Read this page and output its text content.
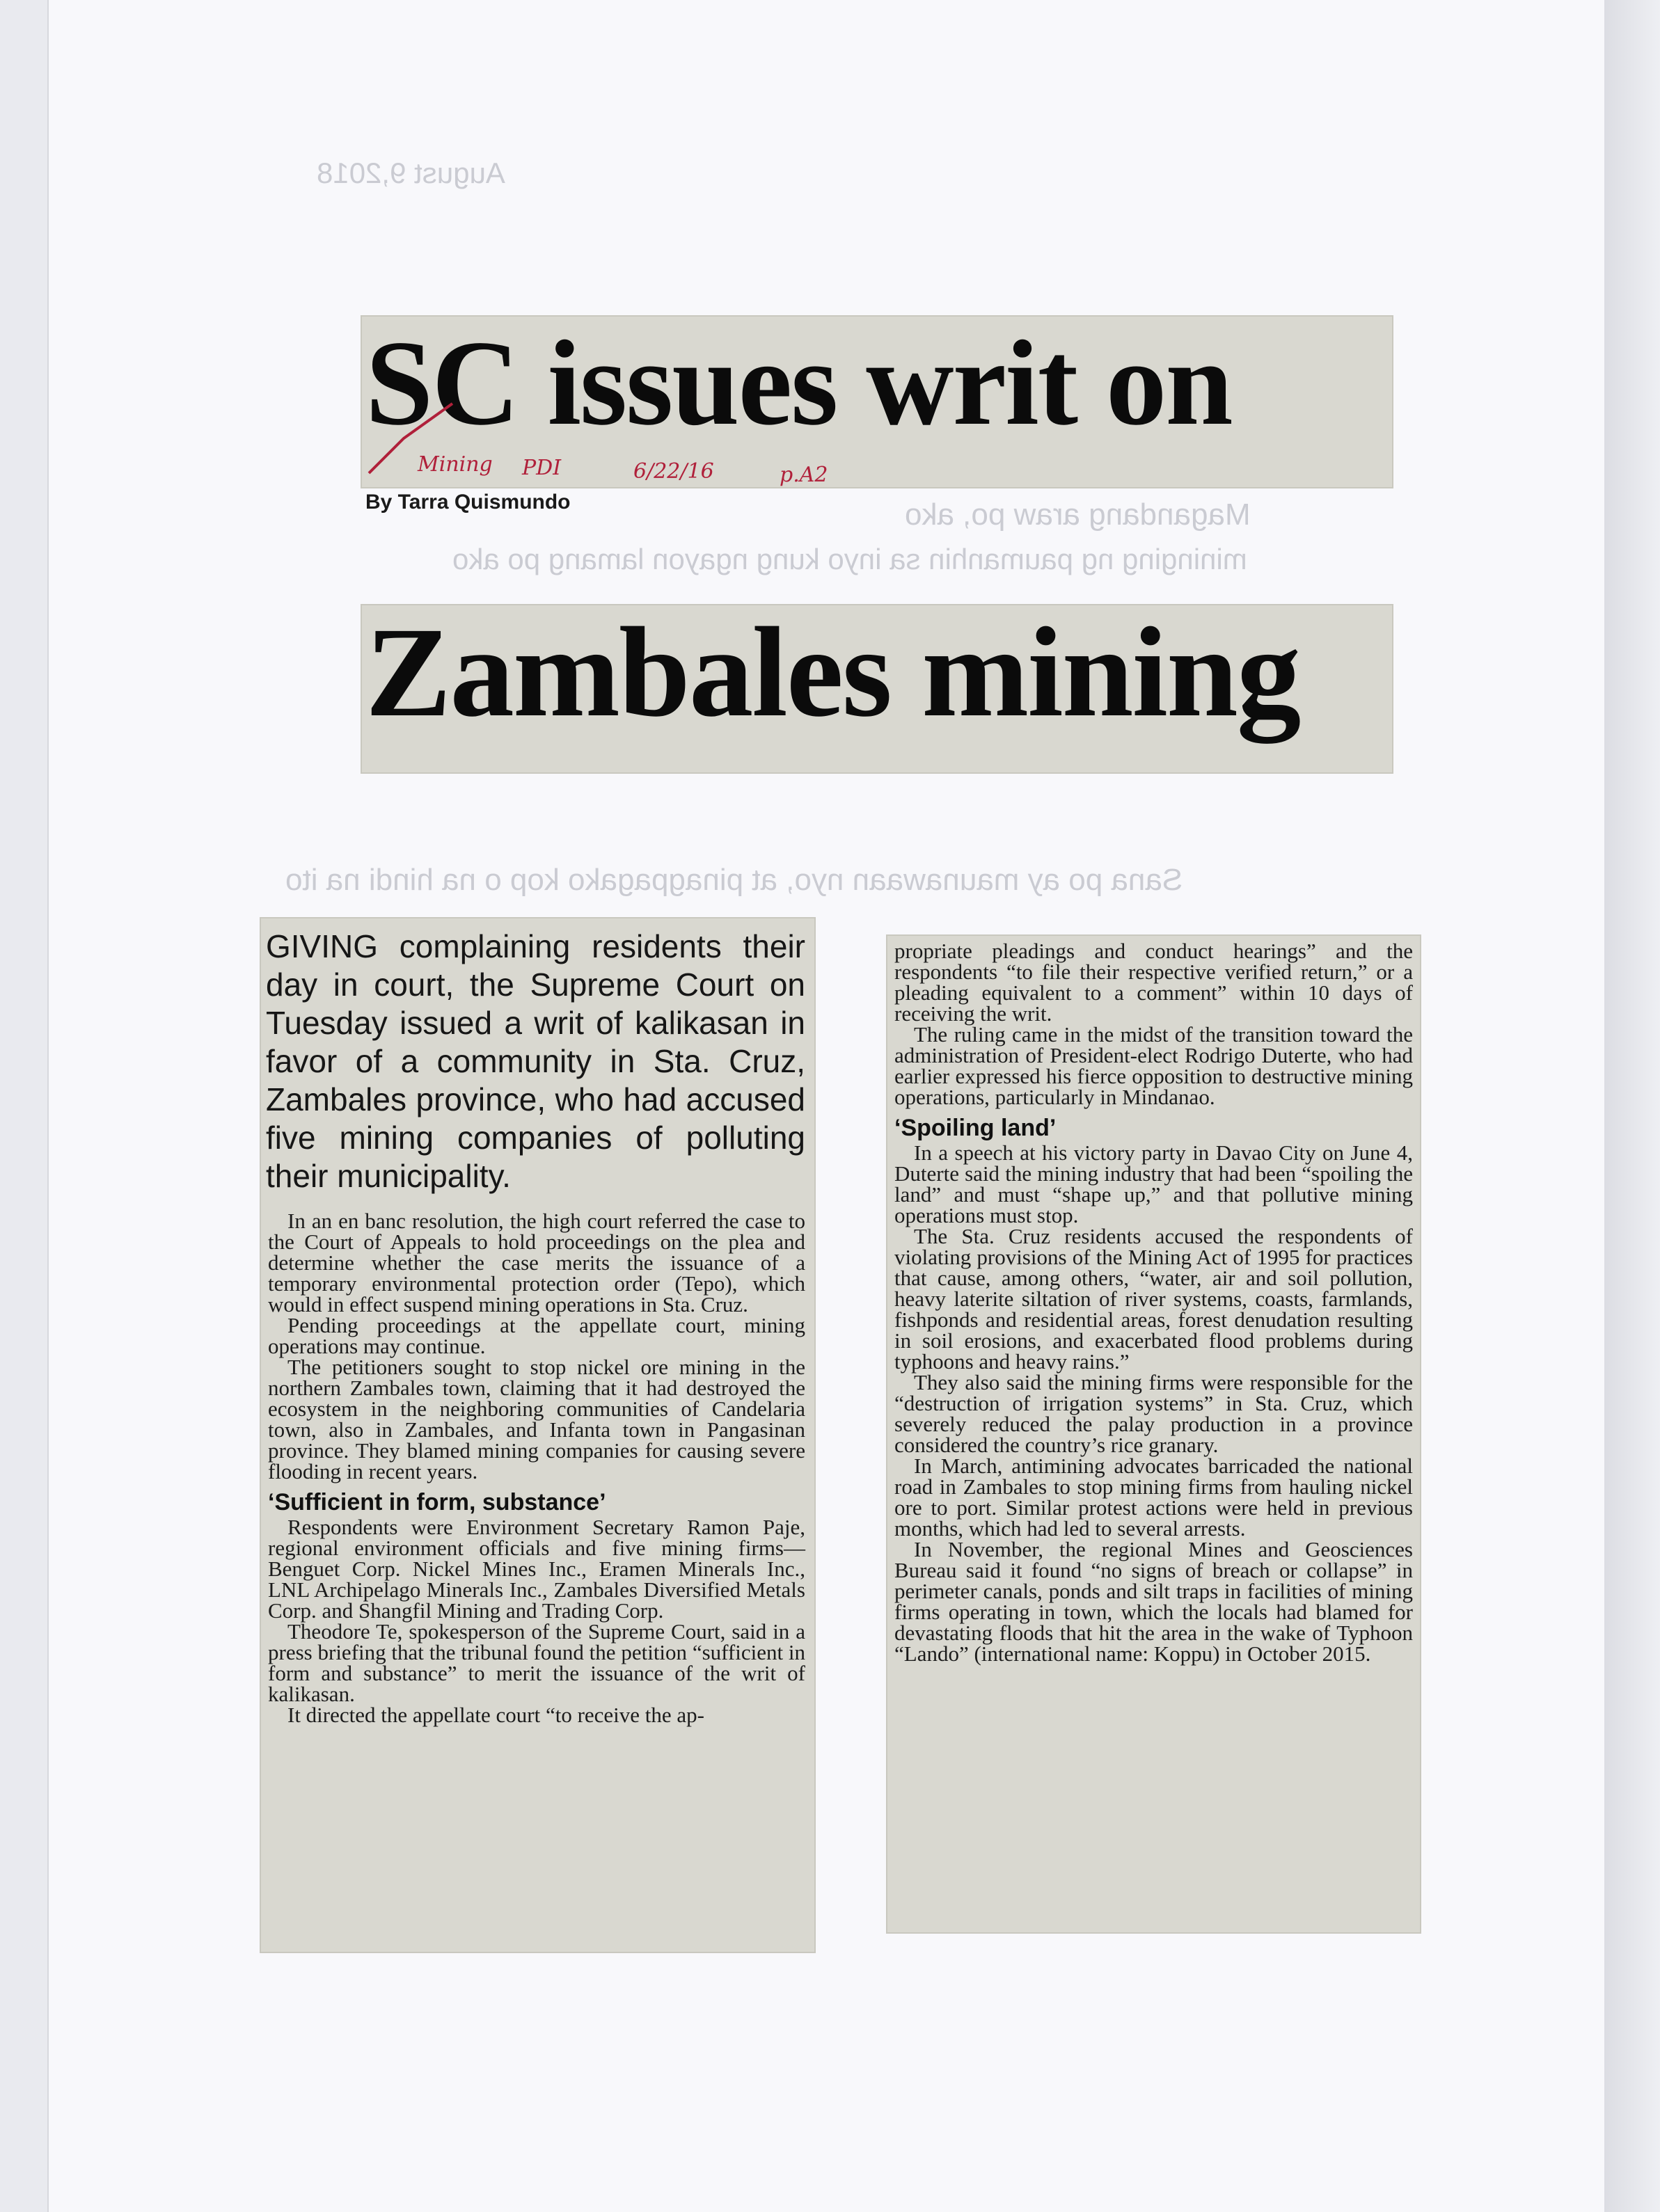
August 9,2018
Magandang araw po, ako
mininging ng paumanhin sa inyo kung ngayon lamang po ako
Sana po ay maunawaan nyo, at pinagpagako kop o na hindi na ito
SC issues writ on
By Tarra Quismundo
Mining PDI	6/22/16	p.A2
Zambales mining
GIVING complaining residents their day in court, the Supreme Court on Tuesday issued a writ of kalikasan in favor of a community in Sta. Cruz, Zambales province, who had accused five mining companies of polluting their municipality.

In an en banc resolution, the high court referred the case to the Court of Appeals to hold proceedings on the plea and determine whether the case merits the issuance of a temporary environmental protection order (Tepo), which would in effect suspend mining operations in Sta. Cruz.

Pending proceedings at the appellate court, mining operations may continue.

The petitioners sought to stop nickel ore mining in the northern Zambales town, claiming that it had destroyed the ecosystem in the neighboring communities of Candelaria town, also in Zambales, and Infanta town in Pangasinan province. They blamed mining companies for causing severe flooding in recent years.

‘Sufficient in form, substance’

Respondents were Environment Secretary Ramon Paje, regional environment officials and five mining firms—Benguet Corp. Nickel Mines Inc., Eramen Minerals Inc., LNL Archipelago Minerals Inc., Zambales Diversified Metals Corp. and Shangfil Mining and Trading Corp.

Theodore Te, spokesperson of the Supreme Court, said in a press briefing that the tribunal found the petition “sufficient in form and substance” to merit the issuance of the writ of kalikasan.

It directed the appellate court “to receive the ap-

propriate pleadings and conduct hearings” and the respondents “to file their respective verified return,” or a pleading equivalent to a comment” within 10 days of receiving the writ.

The ruling came in the midst of the transition toward the administration of President-elect Rodrigo Duterte, who had earlier expressed his fierce opposition to destructive mining operations, particularly in Mindanao.

‘Spoiling land’

In a speech at his victory party in Davao City on June 4, Duterte said the mining industry that had been “spoiling the land” and must “shape up,” and that pollutive mining operations must stop.

The Sta. Cruz residents accused the respondents of violating provisions of the Mining Act of 1995 for practices that cause, among others, “water, air and soil pollution, heavy laterite siltation of river systems, coasts, farmlands, fishponds and residential areas, forest denudation resulting in soil erosions, and exacerbated flood problems during typhoons and heavy rains.”

They also said the mining firms were responsible for the “destruction of irrigation systems” in Sta. Cruz, which severely reduced the palay production in a province considered the country’s rice granary.

In March, antimining advocates barricaded the national road in Zambales to stop mining firms from hauling nickel ore to port. Similar protest actions were held in previous months, which had led to several arrests.

In November, the regional Mines and Geosciences Bureau said it found “no signs of breach or collapse” in perimeter canals, ponds and silt traps in facilities of mining firms operating in town, which the locals had blamed for devastating floods that hit the area in the wake of Typhoon “Lando” (international name: Koppu) in October 2015.
